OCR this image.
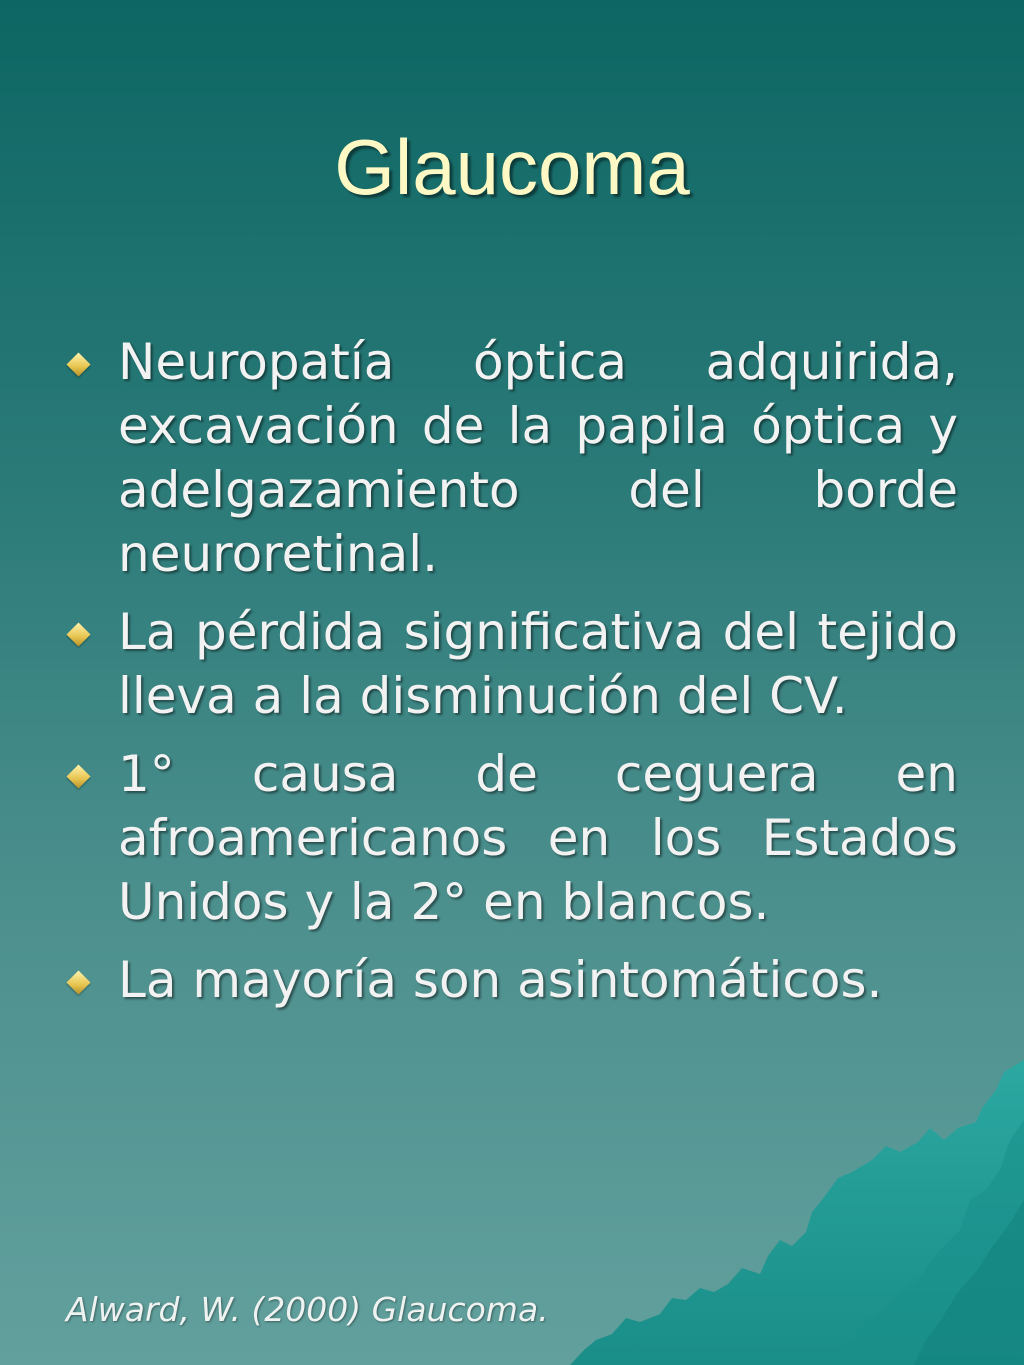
Glaucoma
Neuropatía óptica adquirida, excavación de la papila óptica y adelgazamiento del borde neuroretinal.
La pérdida significativa del tejido lleva a la disminución del CV.
1° causa de ceguera en afroamericanos en los Estados Unidos y la 2° en blancos.
La mayoría son asintomáticos.
Alward, W. (2000) Glaucoma.
